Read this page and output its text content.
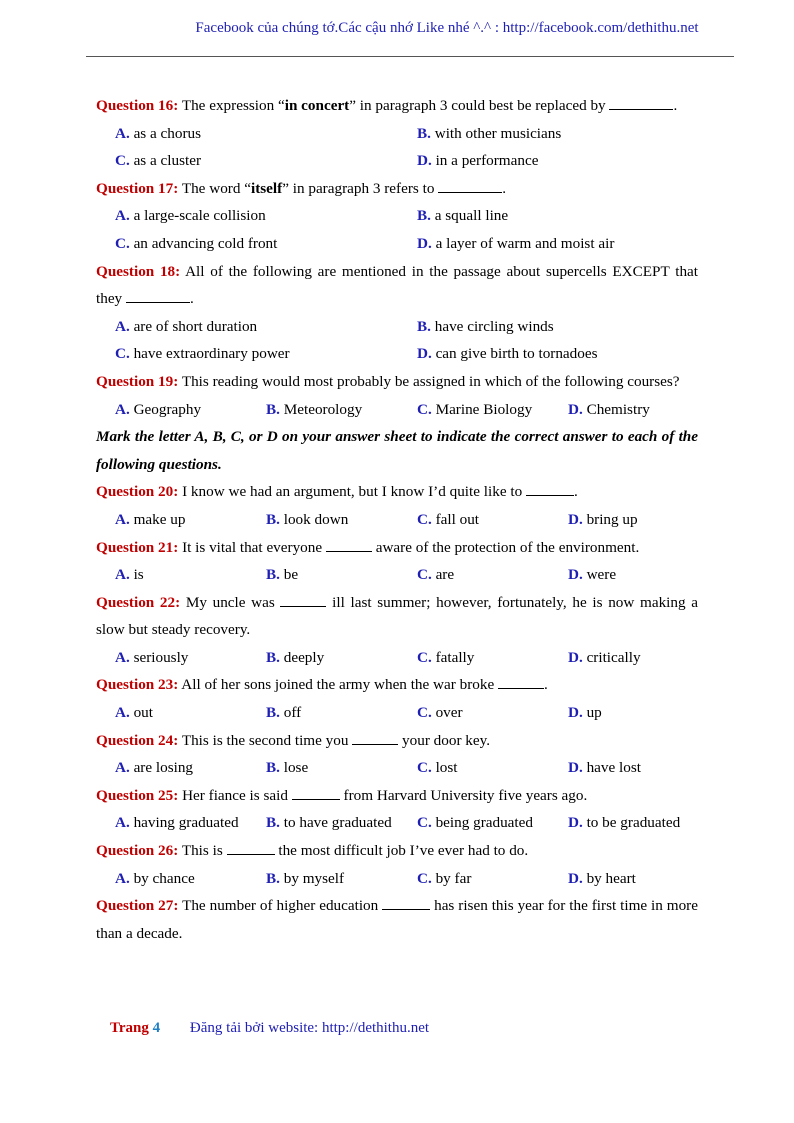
Facebook của chúng tớ.Các cậu nhớ Like nhé ^.^ : http://facebook.com/dethithu.net
Question 16: The expression “in concert” in paragraph 3 could best be replaced by	.
A. as a chorus	B. with other musicians
C. as a cluster	D. in a performance
Question 17: The word “itself” in paragraph 3 refers to	.
A. a large-scale collision	B. a squall line
C. an advancing cold front	D. a layer of warm and moist air
Question 18: All of the following are mentioned in the passage about supercells EXCEPT that they	.
A. are of short duration	B. have circling winds
C. have extraordinary power	D. can give birth to tornadoes
Question 19: This reading would most probably be assigned in which of the following courses?
A. Geography	B. Meteorology	C. Marine Biology	D. Chemistry
Mark the letter A, B, C, or D on your answer sheet to indicate the correct answer to each of the following questions.
Question 20: I know we had an argument, but I know I’d quite like to	.
A. make up	B. look down	C. fall out	D. bring up
Question 21: It is vital that everyone	aware of the protection of the environment.
A. is	B. be	C. are	D. were
Question 22: My uncle was	ill last summer; however, fortunately, he is now making a slow but steady recovery.
A. seriously	B. deeply	C. fatally	D. critically
Question 23: All of her sons joined the army when the war broke	.
A. out	B. off	C. over	D. up
Question 24: This is the second time you	your door key.
A. are losing	B. lose	C. lost	D. have lost
Question 25: Her fiance is said	from Harvard University five years ago.
A. having graduated	B. to have graduated	C. being graduated	D. to be graduated
Question 26: This is	the most difficult job I’ve ever had to do.
A. by chance	B. by myself	C. by far	D. by heart
Question 27: The number of higher education	has risen this year for the first time in more than a decade.
Trang 4 Đăng tải bởi website: http://dethithu.net
